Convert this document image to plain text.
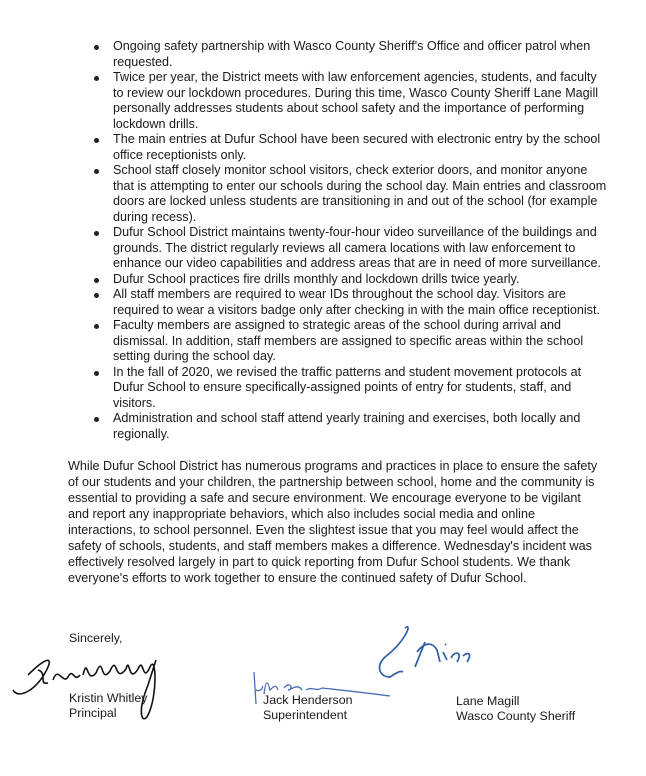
Ongoing safety partnership with Wasco County Sheriff's Office and officer patrol when
requested.
Twice per year, the District meets with law enforcement agencies, students, and faculty
to review our lockdown procedures. During this time, Wasco County Sheriff Lane Magill
personally addresses students about school safety and the importance of performing
lockdown drills.
The main entries at Dufur School have been secured with electronic entry by the school
office receptionists only.
School staff closely monitor school visitors, check exterior doors, and monitor anyone
that is attempting to enter our schools during the school day. Main entries and classroom
doors are locked unless students are transitioning in and out of the school (for example
during recess).
Dufur School District maintains twenty-four-hour video surveillance of the buildings and
grounds. The district regularly reviews all camera locations with law enforcement to
enhance our video capabilities and address areas that are in need of more surveillance.
Dufur School practices fire drills monthly and lockdown drills twice yearly.
All staff members are required to wear IDs throughout the school day. Visitors are
required to wear a visitors badge only after checking in with the main office receptionist.
Faculty members are assigned to strategic areas of the school during arrival and
dismissal. In addition, staff members are assigned to specific areas within the school
setting during the school day.
In the fall of 2020, we revised the traffic patterns and student movement protocols at
Dufur School to ensure specifically-assigned points of entry for students, staff, and
visitors.
Administration and school staff attend yearly training and exercises, both locally and
regionally.
While Dufur School District has numerous programs and practices in place to ensure the safety
of our students and your children, the partnership between school, home and the community is
essential to providing a safe and secure environment. We encourage everyone to be vigilant
and report any inappropriate behaviors, which also includes social media and online
interactions, to school personnel. Even the slightest issue that you may feel would affect the
safety of schools, students, and staff members makes a difference. Wednesday's incident was
effectively resolved largely in part to quick reporting from Dufur School students. We thank
everyone's efforts to work together to ensure the continued safety of Dufur School.
Sincerely,
Kristin Whitley
Principal
Jack Henderson
Superintendent
Lane Magill
Wasco County Sheriff
